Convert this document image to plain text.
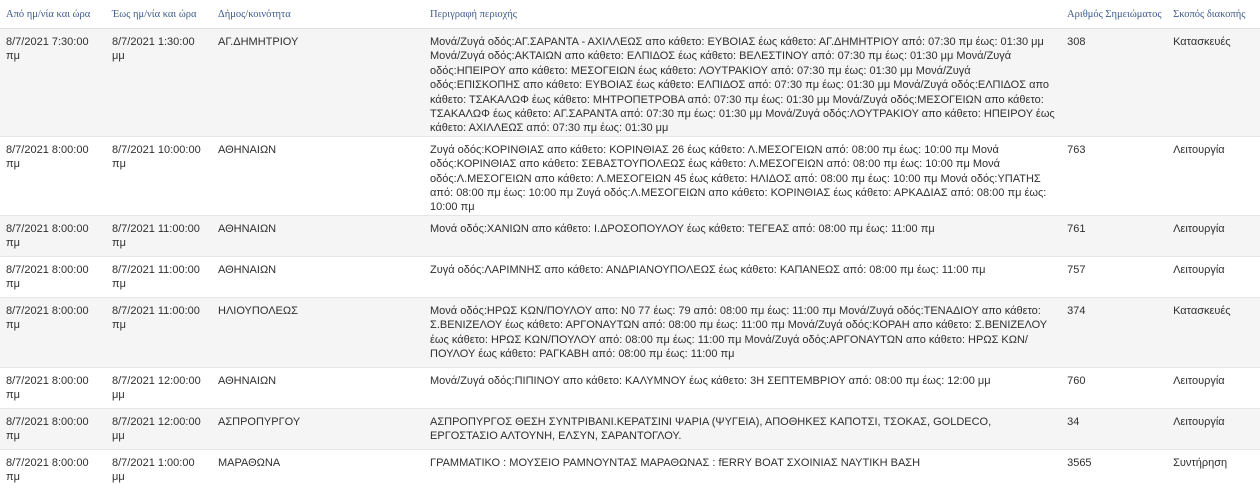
Από ημ/νία και ώρα	Έως ημ/νία και ώρα	Δήμος/κοινότητα	Περιγραφή περιοχής	Αριθμός Σημειώματος	Σκοπός διακοπής
8/7/2021 7:30:00 πμ	8/7/2021 1:30:00 μμ	ΑΓ.ΔΗΜΗΤΡΙΟΥ	Μονά/Ζυγά οδός:ΑΓ.ΣΑΡΑΝΤΑ - ΑΧΙΛΛΕΩΣ απο κάθετο: ΕΥΒΟΙΑΣ έως κάθετο: ΑΓ.ΔΗΜΗΤΡΙΟΥ από: 07:30 πμ έως: 01:30 μμ Μονά/Ζυγά οδός:ΑΚΤΑΙΩΝ απο κάθετο: ΕΛΠΙΔΟΣ έως κάθετο: ΒΕΛΕΣΤΙΝΟΥ από: 07:30 πμ έως: 01:30 μμ Μονά/Ζυγά οδός:ΗΠΕΙΡΟΥ απο κάθετο: ΜΕΣΟΓΕΙΩΝ έως κάθετο: ΛΟΥΤΡΑΚΙΟΥ από: 07:30 πμ έως: 01:30 μμ Μονά/Ζυγά οδός:ΕΠΙΣΚΟΠΗΣ απο κάθετο: ΕΥΒΟΙΑΣ έως κάθετο: ΕΛΠΙΔΟΣ από: 07:30 πμ έως: 01:30 μμ Μονά/Ζυγά οδός:ΕΛΠΙΔΟΣ απο κάθετο: ΤΣΑΚΑΛΩΦ έως κάθετο: ΜΗΤΡΟΠΕΤΡΟΒΑ από: 07:30 πμ έως: 01:30 μμ Μονά/Ζυγά οδός:ΜΕΣΟΓΕΙΩΝ απο κάθετο: ΤΣΑΚΑΛΩΦ έως κάθετο: ΑΓ.ΣΑΡΑΝΤΑ από: 07:30 πμ έως: 01:30 μμ Μονά/Ζυγά οδός:ΛΟΥΤΡΑΚΙΟΥ απο κάθετο: ΗΠΕΙΡΟΥ έως κάθετο: ΑΧΙΛΛΕΩΣ από: 07:30 πμ έως: 01:30 μμ	308	Κατασκευές
8/7/2021 8:00:00 πμ	8/7/2021 10:00:00 πμ	ΑΘΗΝΑΙΩΝ	Ζυγά οδός:ΚΟΡΙΝΘΙΑΣ απο κάθετο: ΚΟΡΙΝΘΙΑΣ 26 έως κάθετο: Λ.ΜΕΣΟΓΕΙΩΝ από: 08:00 πμ έως: 10:00 πμ Μονά οδός:ΚΟΡΙΝΘΙΑΣ απο κάθετο: ΣΕΒΑΣΤΟΥΠΟΛΕΩΣ έως κάθετο: Λ.ΜΕΣΟΓΕΙΩΝ από: 08:00 πμ έως: 10:00 πμ Μονά οδός:Λ.ΜΕΣΟΓΕΙΩΝ απο κάθετο: Λ.ΜΕΣΟΓΕΙΩΝ 45 έως κάθετο: ΗΛΙΔΟΣ από: 08:00 πμ έως: 10:00 πμ Μονά οδός:ΥΠΑΤΗΣ από: 08:00 πμ έως: 10:00 πμ Ζυγά οδός:Λ.ΜΕΣΟΓΕΙΩΝ απο κάθετο: ΚΟΡΙΝΘΙΑΣ έως κάθετο: ΑΡΚΑΔΙΑΣ από: 08:00 πμ έως: 10:00 πμ	763	Λειτουργία
8/7/2021 8:00:00 πμ	8/7/2021 11:00:00 πμ	ΑΘΗΝΑΙΩΝ	Μονά οδός:ΧΑΝΙΩΝ απο κάθετο: Ι.ΔΡΟΣΟΠΟΥΛΟΥ έως κάθετο: ΤΕΓΕΑΣ από: 08:00 πμ έως: 11:00 πμ	761	Λειτουργία
8/7/2021 8:00:00 πμ	8/7/2021 11:00:00 πμ	ΑΘΗΝΑΙΩΝ	Ζυγά οδός:ΛΑΡΙΜΝΗΣ απο κάθετο: ΑΝΔΡΙΑΝΟΥΠΟΛΕΩΣ έως κάθετο: ΚΑΠΑΝΕΩΣ από: 08:00 πμ έως: 11:00 πμ	757	Λειτουργία
8/7/2021 8:00:00 πμ	8/7/2021 11:00:00 πμ	ΗΛΙΟΥΠΟΛΕΩΣ	Μονά οδός:ΗΡΩΣ ΚΩΝ/ΠΟΥΛΟΥ απο: Ν0 77 έως: 79 από: 08:00 πμ έως: 11:00 πμ Μονά/Ζυγά οδός:ΤΕΝΑΔΙΟΥ απο κάθετο: Σ.ΒΕΝΙΖΕΛΟΥ έως κάθετο: ΑΡΓΟΝΑΥΤΩΝ από: 08:00 πμ έως: 11:00 πμ Μονά/Ζυγά οδός:ΚΟΡΑΗ απο κάθετο: Σ.ΒΕΝΙΖΕΛΟΥ έως κάθετο: ΗΡΩΣ ΚΩΝ/ΠΟΥΛΟΥ από: 08:00 πμ έως: 11:00 πμ Μονά/Ζυγά οδός:ΑΡΓΟΝΑΥΤΩΝ απο κάθετο: ΗΡΩΣ ΚΩΝ/ΠΟΥΛΟΥ έως κάθετο: ΡΑΓΚΑΒΗ από: 08:00 πμ έως: 11:00 πμ	374	Κατασκευές
8/7/2021 8:00:00 πμ	8/7/2021 12:00:00 μμ	ΑΘΗΝΑΙΩΝ	Μονά/Ζυγά οδός:ΠΙΠΙΝΟΥ απο κάθετο: ΚΑΛΥΜΝΟΥ έως κάθετο: 3Η ΣΕΠΤΕΜΒΡΙΟΥ από: 08:00 πμ έως: 12:00 μμ	760	Λειτουργία
8/7/2021 8:00:00 πμ	8/7/2021 12:00:00 μμ	ΑΣΠΡΟΠΥΡΓΟΥ	ΑΣΠΡΟΠΥΡΓΟΣ ΘΕΣΗ ΣΥΝΤΡΙΒΑΝΙ.ΚΕΡΑΤΣΙΝΙ ΨΑΡΙΑ (ΨΥΓΕΙΑ), ΑΠΟΘΗΚΕΣ ΚΑΠΟΤΣΙ, ΤΣΟΚΑΣ, GOLDECO, ΕΡΓΟΣΤΑΣΙΟ ΑΛΤΟΥΝΗ, ΕΛΣΥΝ, ΣΑΡΑΝΤΟΓΛΟΥ.	34	Λειτουργία
8/7/2021 8:00:00 πμ	8/7/2021 1:00:00 μμ	ΜΑΡΑΘΩΝΑ	ΓΡΑΜΜΑΤΙΚΟ : ΜΟΥΣΕΙΟ ΡΑΜΝΟΥΝΤΑΣ ΜΑΡΑΘΩΝΑΣ : fERRY BOAT ΣΧΟΙΝΙΑΣ ΝΑΥΤΙΚΗ ΒΑΣΗ	3565	Συντήρηση
